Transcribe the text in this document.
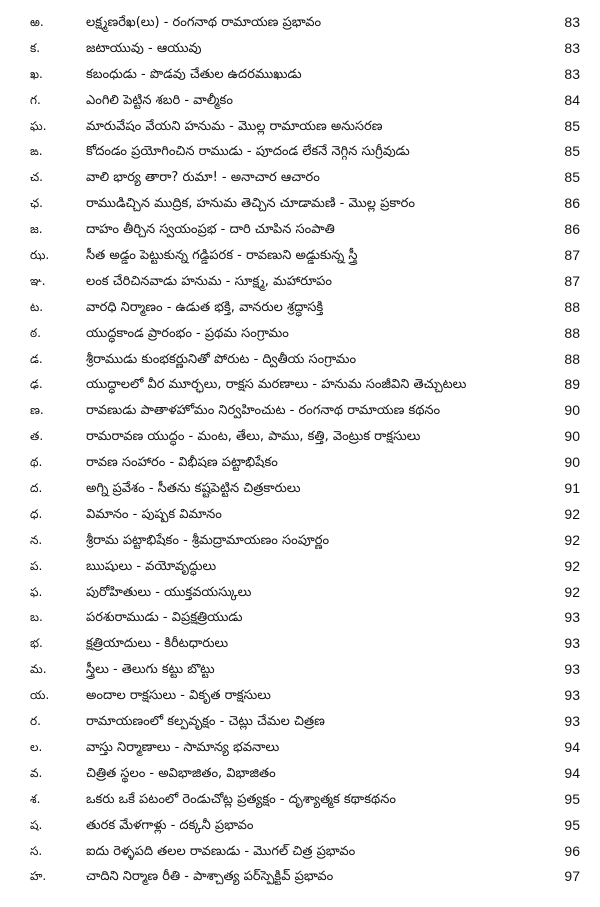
ఱ.	లక్ష్మణరేఖ(లు) - రంగనాథ రామాయణ ప్రభావం	83
క.	జటాయువు - ఆయువు	83
ఖ.	కబంధుడు - పొడవు చేతుల ఉదరముఖుడు	83
గ.	ఎంగిలి పెట్టిన శబరి - వాల్మీకం	84
ఘ.	మారువేషం వేయని హనుమ - మొల్ల రామాయణ అనుసరణ	85
ఙ.	కోదండం ప్రయోగించిన రాముడు - పూదండ లేకనే నెగ్గిన సుగ్రీవుడు	85
చ.	వాలి భార్య తారా? రుమా! - అనాచార ఆచారం	85
ఛ.	రాముడిచ్చిన ముద్రిక, హనుమ తెచ్చిన చూడామణి - మొల్ల ప్రకారం	86
జ.	దాహం తీర్చిన స్వయంప్రభ - దారి చూపిన సంపాతి	86
ఝ.	సీత అడ్డం పెట్టుకున్న గడ్డిపరక - రావణుని అడ్డుకున్న స్త్రీ	87
ఞ.	లంక చేరిచినవాడు హనుమ - సూక్ష్మ, మహారూపం	87
ట.	వారధి నిర్మాణం - ఉడుత భక్తి, వానరుల శ్రద్ధాసక్తి	88
ఠ.	యుద్ధకాండ ప్రారంభం - ప్రథమ సంగ్రామం	88
డ.	శ్రీరాముడు కుంభకర్ణునితో పోరుట - ద్వితీయ సంగ్రామం	88
ఢ.	యుద్ధాలలో వీర మూర్ఛలు, రాక్షస మరణాలు - హనుమ సంజీవిని తెచ్చుటలు	89
ణ.	రావణుడు పాతాళహోమం నిర్వహించుట - రంగనాథ రామాయణ కథనం	90
త.	రామరావణ యుద్ధం - మంట, తేలు, పాము, కత్తి, వెంట్రుక రాక్షసులు	90
థ.	రావణ సంహారం - విభీషణ పట్టాభిషేకం	90
ద.	అగ్ని ప్రవేశం - సీతను కష్టపెట్టిన చిత్రకారులు	91
ధ.	విమానం - పుష్పక విమానం	92
న.	శ్రీరామ పట్టాభిషేకం - శ్రీమద్రామాయణం సంపూర్ణం	92
ప.	ఋషులు - వయోవృద్ధులు	92
ఫ.	పురోహితులు - యుక్తవయస్కులు	92
బ.	పరశురాముడు - విప్రక్షత్రియుడు	93
భ.	క్షత్రియాదులు - కిరీటధారులు	93
మ.	స్త్రీలు - తెలుగు కట్టు బొట్టు	93
య.	అందాల రాక్షసులు - వికృత రాక్షసులు	93
ర.	రామాయణంలో కల్పవృక్షం - చెట్లు చేమల చిత్రణ	93
ల.	వాస్తు నిర్మాణాలు - సామాన్య భవనాలు	94
వ.	చిత్రిత స్థలం - అవిభాజితం, విభాజితం	94
శ.	ఒకరు ఒకే పటంలో రెండుచోట్ల ప్రత్యక్షం - దృశ్యాత్మక కథాకథనం	95
ష.	తురక మేళగాళ్లు - దక్కనీ ప్రభావం	95
స.	ఐదు రెళ్ళపది తలల రావణుడు - మొగల్ చిత్ర ప్రభావం	96
హ.	చాదిని నిర్మాణ రీతి - పాశ్చాత్య పర్‌స్పెక్టివ్ ప్రభావం	97
